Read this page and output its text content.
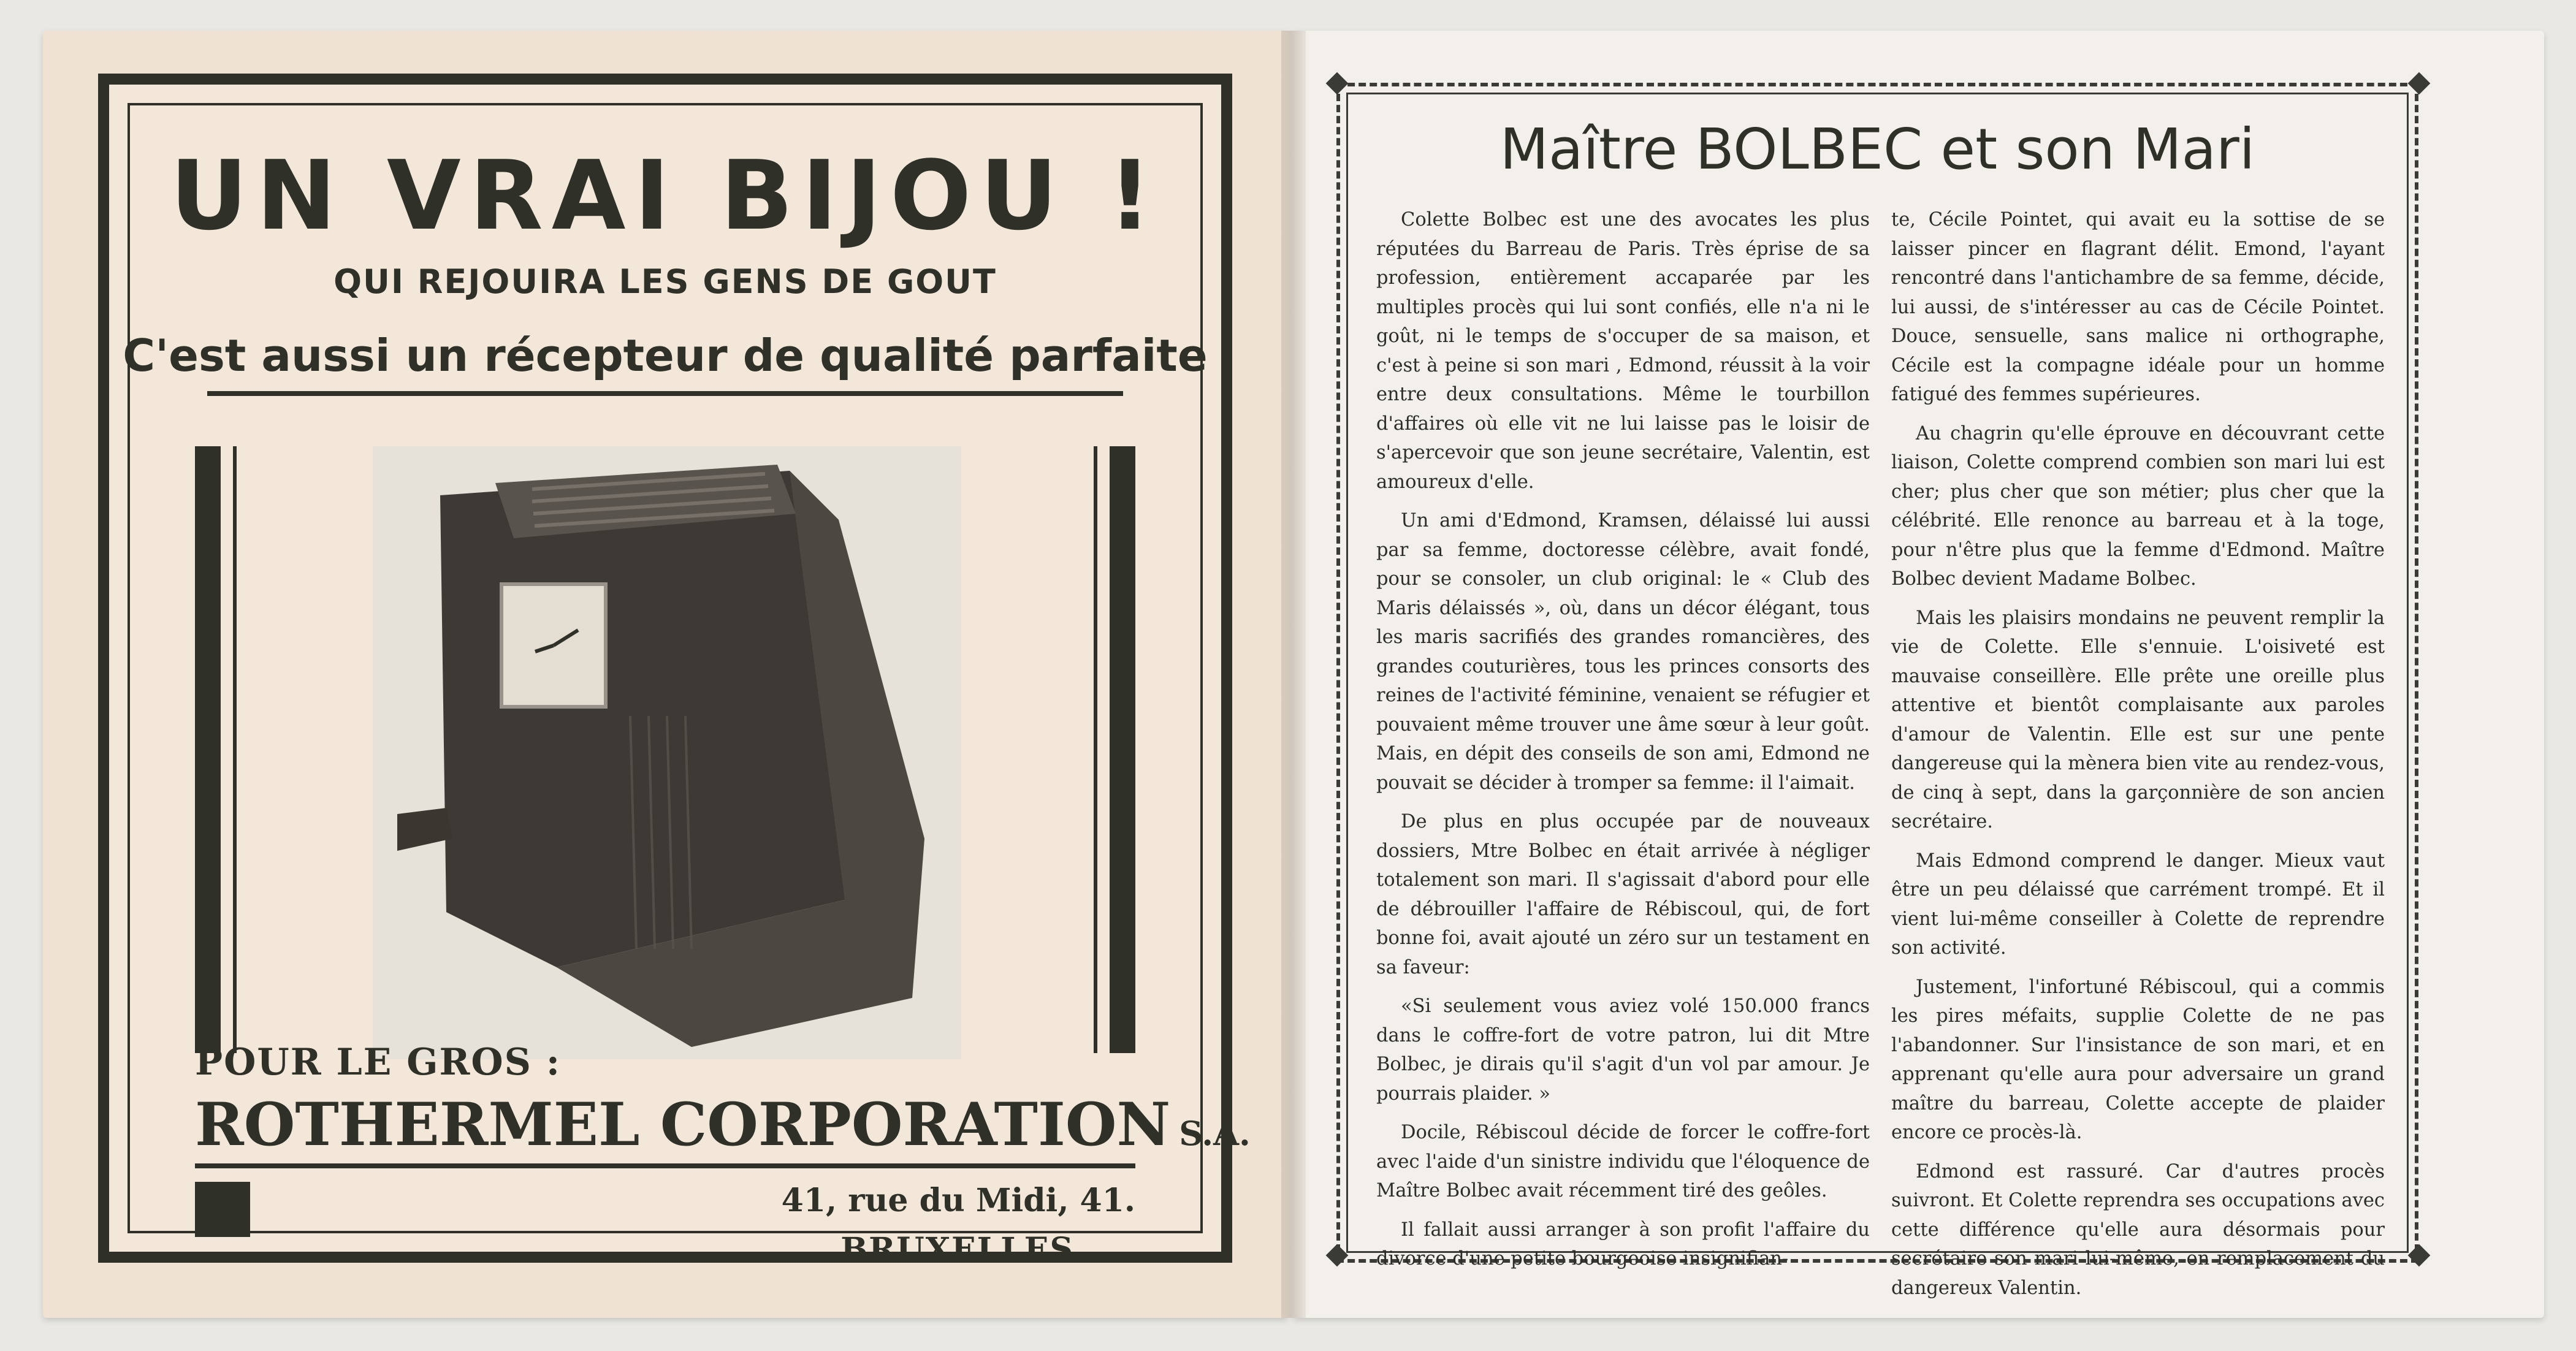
UN VRAI BIJOU !
QUI REJOUIRA LES GENS DE GOUT
C'est aussi un récepteur de qualité parfaite
POUR LE GROS :
ROTHERMEL CORPORATION S.A.
41, rue du Midi, 41.
BRUXELLES
Maître BOLBEC et son Mari

Colette Bolbec est une des avocates les plus réputées du Barreau de Paris. Très éprise de sa profession, entièrement accaparée par les multiples procès qui lui sont confiés, elle n'a ni le goût, ni le temps de s'occuper de sa maison, et c'est à peine si son mari , Edmond, réussit à la voir entre deux consultations. Même le tourbillon d'affaires où elle vit ne lui laisse pas le loisir de s'apercevoir que son jeune secrétaire, Valentin, est amoureux d'elle.

Un ami d'Edmond, Kramsen, délaissé lui aussi par sa femme, doctoresse célèbre, avait fondé, pour se consoler, un club original: le « Club des Maris délaissés », où, dans un décor élégant, tous les maris sacrifiés des grandes romancières, des grandes couturières, tous les princes consorts des reines de l'activité féminine, venaient se réfugier et pouvaient même trouver une âme sœur à leur goût. Mais, en dépit des conseils de son ami, Edmond ne pouvait se décider à tromper sa femme: il l'aimait.

De plus en plus occupée par de nouveaux dossiers, Mtre Bolbec en était arrivée à négliger totalement son mari. Il s'agissait d'abord pour elle de débrouiller l'affaire de Rébiscoul, qui, de fort bonne foi, avait ajouté un zéro sur un testament en sa faveur:

«Si seulement vous aviez volé 150.000 francs dans le coffre-fort de votre patron, lui dit Mtre Bolbec, je dirais qu'il s'agit d'un vol par amour. Je pourrais plaider. »

Docile, Rébiscoul décide de forcer le coffre-fort avec l'aide d'un sinistre individu que l'éloquence de Maître Bolbec avait récemment tiré des geôles.

Il fallait aussi arranger à son profit l'affaire du divorce d'une petite bourgeoise insignifian-

te, Cécile Pointet, qui avait eu la sottise de se laisser pincer en flagrant délit. Emond, l'ayant rencontré dans l'antichambre de sa femme, décide, lui aussi, de s'intéresser au cas de Cécile Pointet. Douce, sensuelle, sans malice ni orthographe, Cécile est la compagne idéale pour un homme fatigué des femmes supérieures.

Au chagrin qu'elle éprouve en découvrant cette liaison, Colette comprend combien son mari lui est cher; plus cher que son métier; plus cher que la célébrité. Elle renonce au barreau et à la toge, pour n'être plus que la femme d'Edmond. Maître Bolbec devient Madame Bolbec.

Mais les plaisirs mondains ne peuvent remplir la vie de Colette. Elle s'ennuie. L'oisiveté est mauvaise conseillère. Elle prête une oreille plus attentive et bientôt complaisante aux paroles d'amour de Valentin. Elle est sur une pente dangereuse qui la mènera bien vite au rendez-vous, de cinq à sept, dans la garçonnière de son ancien secrétaire.

Mais Edmond comprend le danger. Mieux vaut être un peu délaissé que carrément trompé. Et il vient lui-même conseiller à Colette de reprendre son activité.

Justement, l'infortuné Rébiscoul, qui a commis les pires méfaits, supplie Colette de ne pas l'abandonner. Sur l'insistance de son mari, et en apprenant qu'elle aura pour adversaire un grand maître du barreau, Colette accepte de plaider encore ce procès-là.

Edmond est rassuré. Car d'autres procès suivront. Et Colette reprendra ses occupations avec cette différence qu'elle aura désormais pour secrétaire son mari lui-même, en remplacement du dangereux Valentin.
